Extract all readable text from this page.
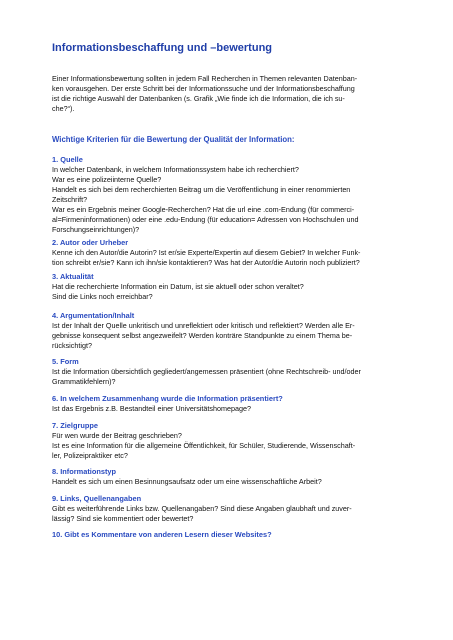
Informationsbeschaffung und –bewertung
Einer Informationsbewertung sollten in jedem Fall Recherchen in Themen relevanten Datenban-
ken vorausgehen. Der erste Schritt bei der Informationssuche und der Informationsbeschaffung
ist die richtige Auswahl der Datenbanken (s. Grafik „Wie finde ich die Information, die ich su-
che?“).
Wichtige Kriterien für die Bewertung der Qualität der Information:
1. Quelle
In welcher Datenbank, in welchem Informationssystem habe ich recherchiert?
War es eine polizeiinterne Quelle?
Handelt es sich bei dem recherchierten Beitrag um die Veröffentlichung in einer renommierten
Zeitschrift?
War es ein Ergebnis meiner Google-Recherchen? Hat die url eine .com-Endung (für commerci-
al=Firmeninformationen) oder eine .edu-Endung (für education= Adressen von Hochschulen und
Forschungseinrichtungen)?
2. Autor oder Urheber
Kenne ich den Autor/die Autorin? Ist er/sie Experte/Expertin auf diesem Gebiet? In welcher Funk-
tion schreibt er/sie? Kann ich ihn/sie kontaktieren? Was hat der Autor/die Autorin noch publiziert?
3. Aktualität
Hat die recherchierte Information ein Datum, ist sie aktuell oder schon veraltet?
Sind die Links noch erreichbar?
4. Argumentation/Inhalt
Ist der Inhalt der Quelle unkritisch und unreflektiert oder kritisch und reflektiert? Werden alle Er-
gebnisse konsequent selbst angezweifelt? Werden konträre Standpunkte zu einem Thema be-
rücksichtigt?
5. Form
Ist die Information übersichtlich gegliedert/angemessen präsentiert (ohne Rechtschreib- und/oder
Grammatikfehlern)?
6. In welchem Zusammenhang wurde die Information präsentiert?
Ist das Ergebnis z.B. Bestandteil einer Universitätshomepage?
7. Zielgruppe
Für wen wurde der Beitrag geschrieben?
Ist es eine Information für die allgemeine Öffentlichkeit, für Schüler, Studierende, Wissenschaft-
ler, Polizeipraktiker etc?
8. Informationstyp
Handelt es sich um einen Besinnungsaufsatz oder um eine wissenschaftliche Arbeit?
9. Links, Quellenangaben
Gibt es weiterführende Links bzw. Quellenangaben? Sind diese Angaben glaubhaft und zuver-
lässig? Sind sie kommentiert oder bewertet?
10. Gibt es Kommentare von anderen Lesern dieser Websites?
